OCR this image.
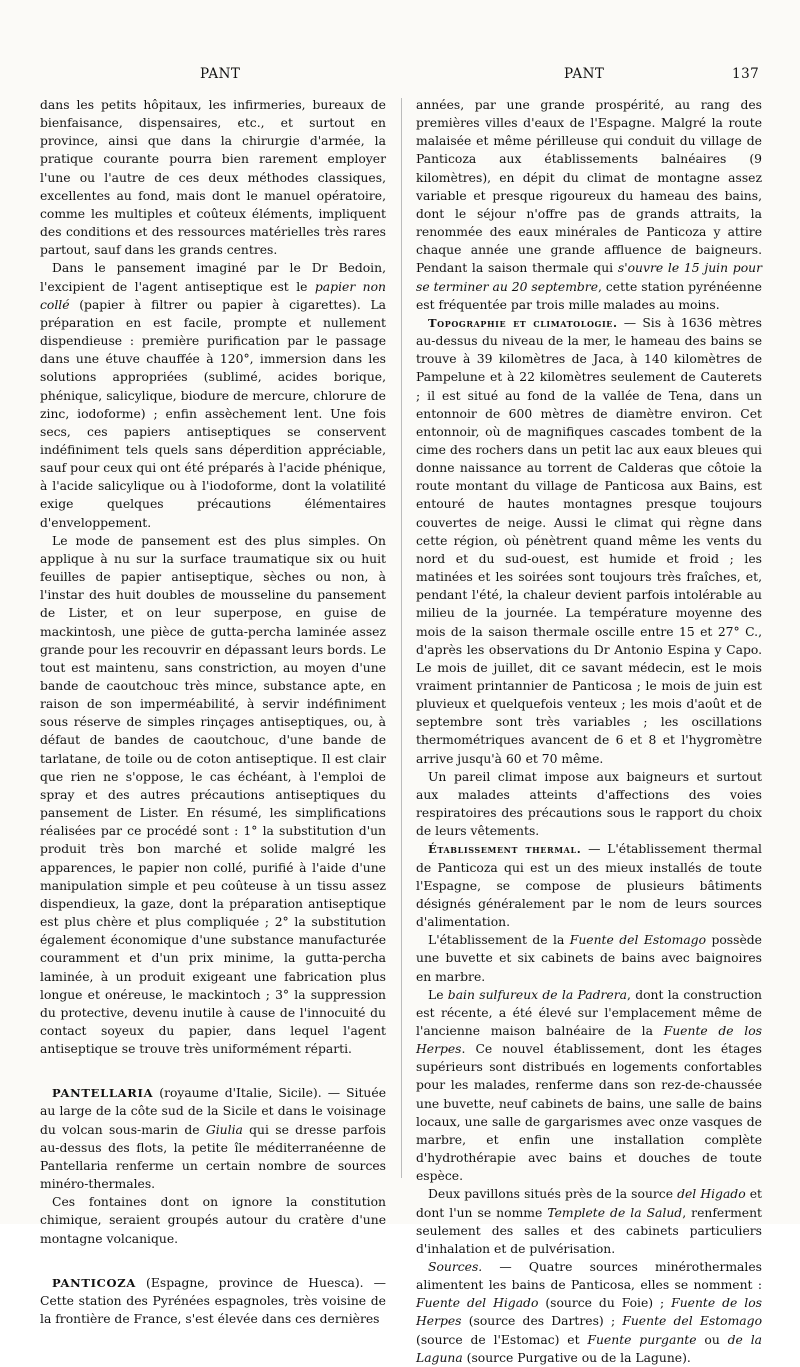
PANT	PANT	137

dans les petits hôpitaux, les infirmeries, bureaux de bienfaisance, dispensaires, etc., et surtout en province, ainsi que dans la chirurgie d'armée, la pratique courante pourra bien rarement employer l'une ou l'autre de ces deux méthodes classiques, excellentes au fond, mais dont le manuel opératoire, comme les multiples et coûteux éléments, impliquent des conditions et des ressources matérielles très rares partout, sauf dans les grands centres.

Dans le pansement imaginé par le Dr Bedoin, l'excipient de l'agent antiseptique est le papier non collé (papier à filtrer ou papier à cigarettes). La préparation en est facile, prompte et nullement dispendieuse : première purification par le passage dans une étuve chauffée à 120°, immersion dans les solutions appropriées (sublimé, acides borique, phénique, salicylique, biodure de mercure, chlorure de zinc, iodoforme) ; enfin assèchement lent. Une fois secs, ces papiers antiseptiques se conservent indéfiniment tels quels sans déperdition appréciable, sauf pour ceux qui ont été préparés à l'acide phénique, à l'acide salicylique ou à l'iodoforme, dont la volatilité exige quelques précautions élémentaires d'enveloppement.

Le mode de pansement est des plus simples. On applique à nu sur la surface traumatique six ou huit feuilles de papier antiseptique, sèches ou non, à l'instar des huit doubles de mousseline du pansement de Lister, et on leur superpose, en guise de mackintosh, une pièce de gutta-percha laminée assez grande pour les recouvrir en dépassant leurs bords. Le tout est maintenu, sans constriction, au moyen d'une bande de caoutchouc très mince, substance apte, en raison de son imperméabilité, à servir indéfiniment sous réserve de simples rinçages antiseptiques, ou, à défaut de bandes de caoutchouc, d'une bande de tarlatane, de toile ou de coton antiseptique. Il est clair que rien ne s'oppose, le cas échéant, à l'emploi de spray et des autres précautions antiseptiques du pansement de Lister. En résumé, les simplifications réalisées par ce procédé sont : 1° la substitution d'un produit très bon marché et solide malgré les apparences, le papier non collé, purifié à l'aide d'une manipulation simple et peu coûteuse à un tissu assez dispendieux, la gaze, dont la préparation antiseptique est plus chère et plus compliquée ; 2° la substitution également économique d'une substance manufacturée couramment et d'un prix minime, la gutta-percha laminée, à un produit exigeant une fabrication plus longue et onéreuse, le mackintoch ; 3° la suppression du protective, devenu inutile à cause de l'innocuité du contact soyeux du papier, dans lequel l'agent antiseptique se trouve très uniformément réparti.

PANTELLARIA (royaume d'Italie, Sicile). — Située au large de la côte sud de la Sicile et dans le voisinage du volcan sous-marin de Giulia qui se dresse parfois au-dessus des flots, la petite île méditerranéenne de Pantellaria renferme un certain nombre de sources minéro-thermales.

Ces fontaines dont on ignore la constitution chimique, seraient groupés autour du cratère d'une montagne volcanique.

PANTICOZA (Espagne, province de Huesca). — Cette station des Pyrénées espagnoles, très voisine de la frontière de France, s'est élevée dans ces dernières

années, par une grande prospérité, au rang des premières villes d'eaux de l'Espagne. Malgré la route malaisée et même périlleuse qui conduit du village de Panticoza aux établissements balnéaires (9 kilomètres), en dépit du climat de montagne assez variable et presque rigoureux du hameau des bains, dont le séjour n'offre pas de grands attraits, la renommée des eaux minérales de Panticoza y attire chaque année une grande affluence de baigneurs. Pendant la saison thermale qui s'ouvre le 15 juin pour se terminer au 20 septembre, cette station pyrénéenne est fréquentée par trois mille malades au moins.

Topographie et climatologie. — Sis à 1636 mètres au-dessus du niveau de la mer, le hameau des bains se trouve à 39 kilomètres de Jaca, à 140 kilomètres de Pampelune et à 22 kilomètres seulement de Cauterets ; il est situé au fond de la vallée de Tena, dans un entonnoir de 600 mètres de diamètre environ. Cet entonnoir, où de magnifiques cascades tombent de la cime des rochers dans un petit lac aux eaux bleues qui donne naissance au torrent de Calderas que côtoie la route montant du village de Panticosa aux Bains, est entouré de hautes montagnes presque toujours couvertes de neige. Aussi le climat qui règne dans cette région, où pénètrent quand même les vents du nord et du sud-ouest, est humide et froid ; les matinées et les soirées sont toujours très fraîches, et, pendant l'été, la chaleur devient parfois intolérable au milieu de la journée. La température moyenne des mois de la saison thermale oscille entre 15 et 27° C., d'après les observations du Dr Antonio Espina y Capo. Le mois de juillet, dit ce savant médecin, est le mois vraiment printannier de Panticosa ; le mois de juin est pluvieux et quelquefois venteux ; les mois d'août et de septembre sont très variables ; les oscillations thermométriques avancent de 6 et 8 et l'hygromètre arrive jusqu'à 60 et 70 même.

Un pareil climat impose aux baigneurs et surtout aux malades atteints d'affections des voies respiratoires des précautions sous le rapport du choix de leurs vêtements.

Établissement thermal. — L'établissement thermal de Panticoza qui est un des mieux installés de toute l'Espagne, se compose de plusieurs bâtiments désignés généralement par le nom de leurs sources d'alimentation.

L'établissement de la Fuente del Estomago possède une buvette et six cabinets de bains avec baignoires en marbre.

Le bain sulfureux de la Padrera, dont la construction est récente, a été élevé sur l'emplacement même de l'ancienne maison balnéaire de la Fuente de los Herpes. Ce nouvel établissement, dont les étages supérieurs sont distribués en logements confortables pour les malades, renferme dans son rez-de-chaussée une buvette, neuf cabinets de bains, une salle de bains locaux, une salle de gargarismes avec onze vasques de marbre, et enfin une installation complète d'hydrothérapie avec bains et douches de toute espèce.

Deux pavillons situés près de la source del Higado et dont l'un se nomme Templete de la Salud, renferment seulement des salles et des cabinets particuliers d'inhalation et de pulvérisation.

Sources. — Quatre sources minérothermales alimentent les bains de Panticosa, elles se nomment : Fuente del Higado (source du Foie) ; Fuente de los Herpes (source des Dartres) ; Fuente del Estomago (source de l'Estomac) et Fuente purgante ou de la Laguna (source Purgative ou de la Lagune).
